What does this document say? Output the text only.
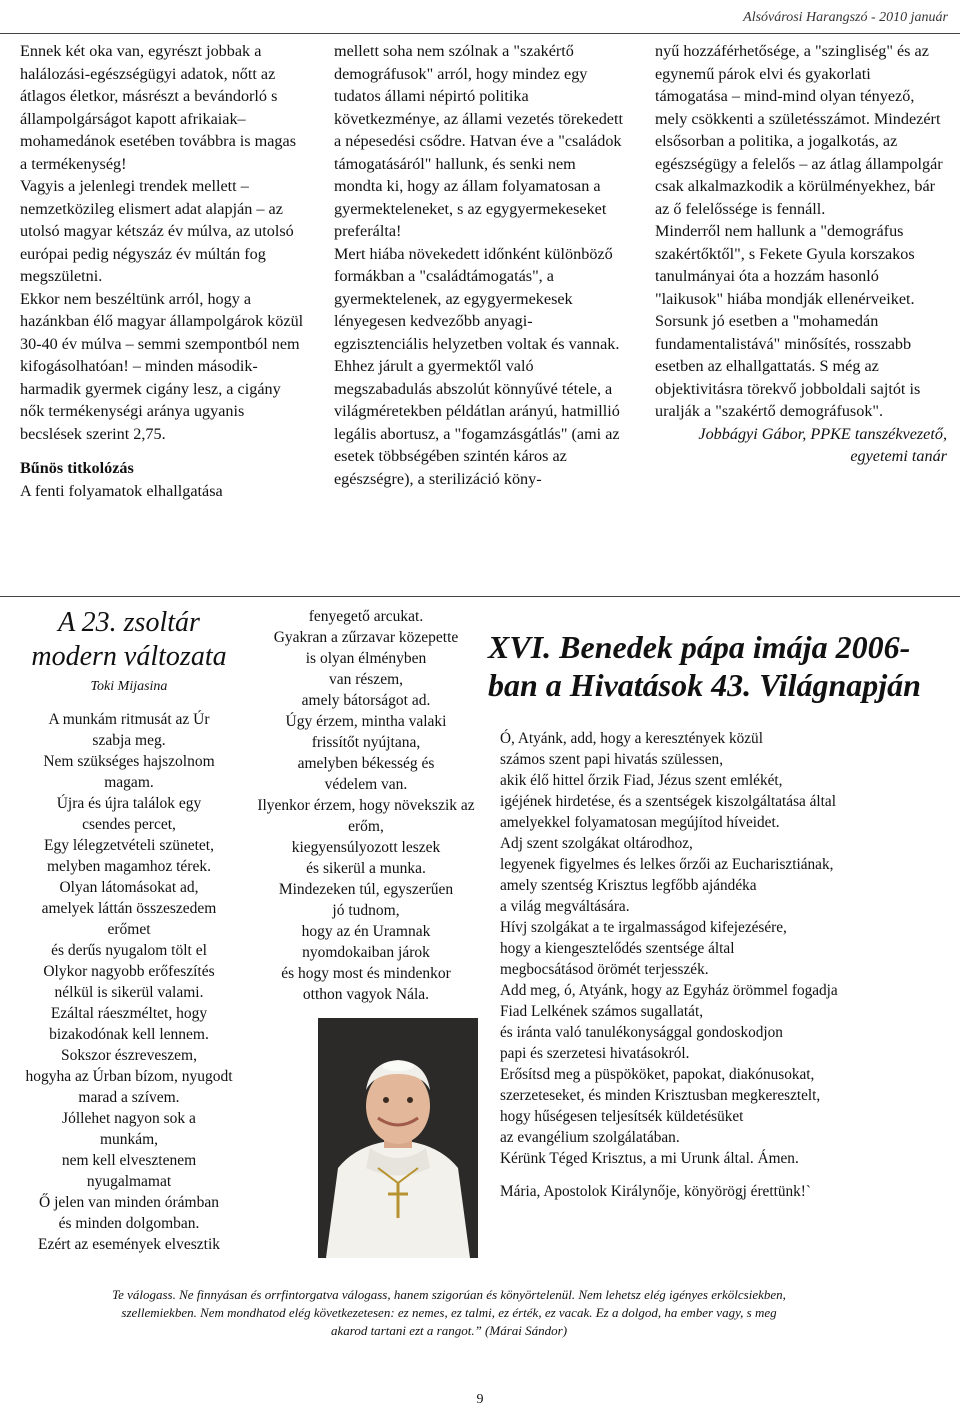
Alsóvárosi Harangszó - 2010 január

Ennek két oka van, egyrészt jobbak a halálozási-egészségügyi adatok, nőtt az átlagos életkor, másrészt a bevándorló s állampolgárságot kapott afrikaiak–mohamedánok esetében továbbra is magas a termékenység!

Vagyis a jelenlegi trendek mellett – nemzetközileg elismert adat alapján – az utolsó magyar kétszáz év múlva, az utolsó európai pedig négyszáz év múltán fog megszületni.

Ekkor nem beszéltünk arról, hogy a hazánkban élő magyar állampolgárok közül 30-40 év múlva – semmi szempontból nem kifogásolhatóan! – minden második-harmadik gyermek cigány lesz, a cigány nők termékenységi aránya ugyanis becslések szerint 2,75.

Bűnös titkolózás

A fenti folyamatok elhallgatása

mellett soha nem szólnak a "szakértő demográfusok" arról, hogy mindez egy tudatos állami népirtó politika következménye, az állami vezetés törekedett a népesedési csődre. Hatvan éve a "családok támogatásáról" hallunk, és senki nem mondta ki, hogy az állam folyamatosan a gyermekteleneket, s az egygyermekeseket preferálta!

Mert hiába növekedett időnként különböző formákban a "családtámogatás", a gyermektelenek, az egygyermekesek lényegesen kedvezőbb anyagi-egzisztenciális helyzetben voltak és vannak. Ehhez járult a gyermektől való megszabadulás abszolút könnyűvé tétele, a világméretekben példátlan arányú, hatmillió legális abortusz, a "fogamzásgátlás" (ami az esetek többségében szintén káros az egészségre), a sterilizáció köny-

nyű hozzáférhetősége, a "szingliség" és az egynemű párok elvi és gyakorlati támogatása – mind-mind olyan tényező, mely csökkenti a születésszámot. Mindezért elsősorban a politika, a jogalkotás, az egészségügy a felelős – az átlag állampolgár csak alkalmazkodik a körülményekhez, bár az ő felelőssége is fennáll.

Minderről nem hallunk a "demográfus szakértőktől", s Fekete Gyula korszakos tanulmányai óta a hozzám hasonló "laikusok" hiába mondják ellenérveiket. Sorsunk jó esetben a "mohamedán fundamentalistává" minősítés, rosszabb esetben az elhallgattatás. S még az objektivitásra törekvő jobboldali sajtót is uralják a "szakértő demográfusok".

Jobbágyi Gábor, PPKE tanszékvezető, egyetemi tanár

A 23. zsoltár

modern változata

Toki Mijasina

A munkám ritmusát az Úr

szabja meg.

Nem szükséges hajszolnom

magam.

Újra és újra találok egy

csendes percet,

Egy lélegzetvételi szünetet,

melyben magamhoz térek.

Olyan látomásokat ad,

amelyek láttán összeszedem

erőmet

és derűs nyugalom tölt el

Olykor nagyobb erőfeszítés

nélkül is sikerül valami.

Ezáltal ráeszméltet, hogy

bizakodónak kell lennem.

Sokszor észreveszem,

hogyha az Úrban bízom, nyugodt marad a szívem.

Jóllehet nagyon sok a

munkám,

nem kell elvesztenem

nyugalmamat

Ő jelen van minden órámban

és minden dolgomban.

Ezért az események elvesztik

fenyegető arcukat.

Gyakran a zűrzavar közepette

is olyan élményben

van részem,

amely bátorságot ad.

Úgy érzem, mintha valaki

frissítőt nyújtana,

amelyben békesség és

védelem van.

Ilyenkor érzem, hogy növekszik az erőm,

kiegyensúlyozott leszek

és sikerül a munka.

Mindezeken túl, egyszerűen

jó tudnom,

hogy az én Uramnak nyomdokaiban járok

és hogy most és mindenkor

otthon vagyok Nála.

XVI. Benedek pápa imája 2006-ban a Hivatások 43. Világnapján

Ó, Atyánk, add, hogy a keresztények közül

számos szent papi hivatás szülessen,

akik élő hittel őrzik Fiad, Jézus szent emlékét,

igéjének hirdetése, és a szentségek kiszolgáltatása által

amelyekkel folyamatosan megújítod híveidet.

Adj szent szolgákat oltárodhoz,

legyenek figyelmes és lelkes őrzői az Eucharisztiának,

amely szentség Krisztus legfőbb ajándéka

a világ megváltására.

Hívj szolgákat a te irgalmasságod kifejezésére,

hogy a kiengesztelődés szentsége által

megbocsátásod örömét terjesszék.

Add meg, ó, Atyánk, hogy az Egyház örömmel fogadja

Fiad Lelkének számos sugallatát,

és iránta való tanulékonysággal gondoskodjon

papi és szerzetesi hivatásokról.

Erősítsd meg a püspököket, papokat, diakónusokat,

szerzeteseket, és minden Krisztusban megkeresztelt,

hogy hűségesen teljesítsék küldetésüket

az evangélium szolgálatában.

Kérünk Téged Krisztus, a mi Urunk által. Ámen.

Mária, Apostolok Királynője, könyörögj érettünk!`

Te válogass. Ne finnyásan és orrfintorgatva válogass, hanem szigorúan és könyörtelenül. Nem lehetsz elég igényes erkölcsiekben, szellemiekben. Nem mondhatod elég következetesen: ez nemes, ez talmi, ez érték, ez vacak. Ez a dolgod, ha ember vagy, s meg akarod tartani ezt a rangot.” (Márai Sándor)
9
